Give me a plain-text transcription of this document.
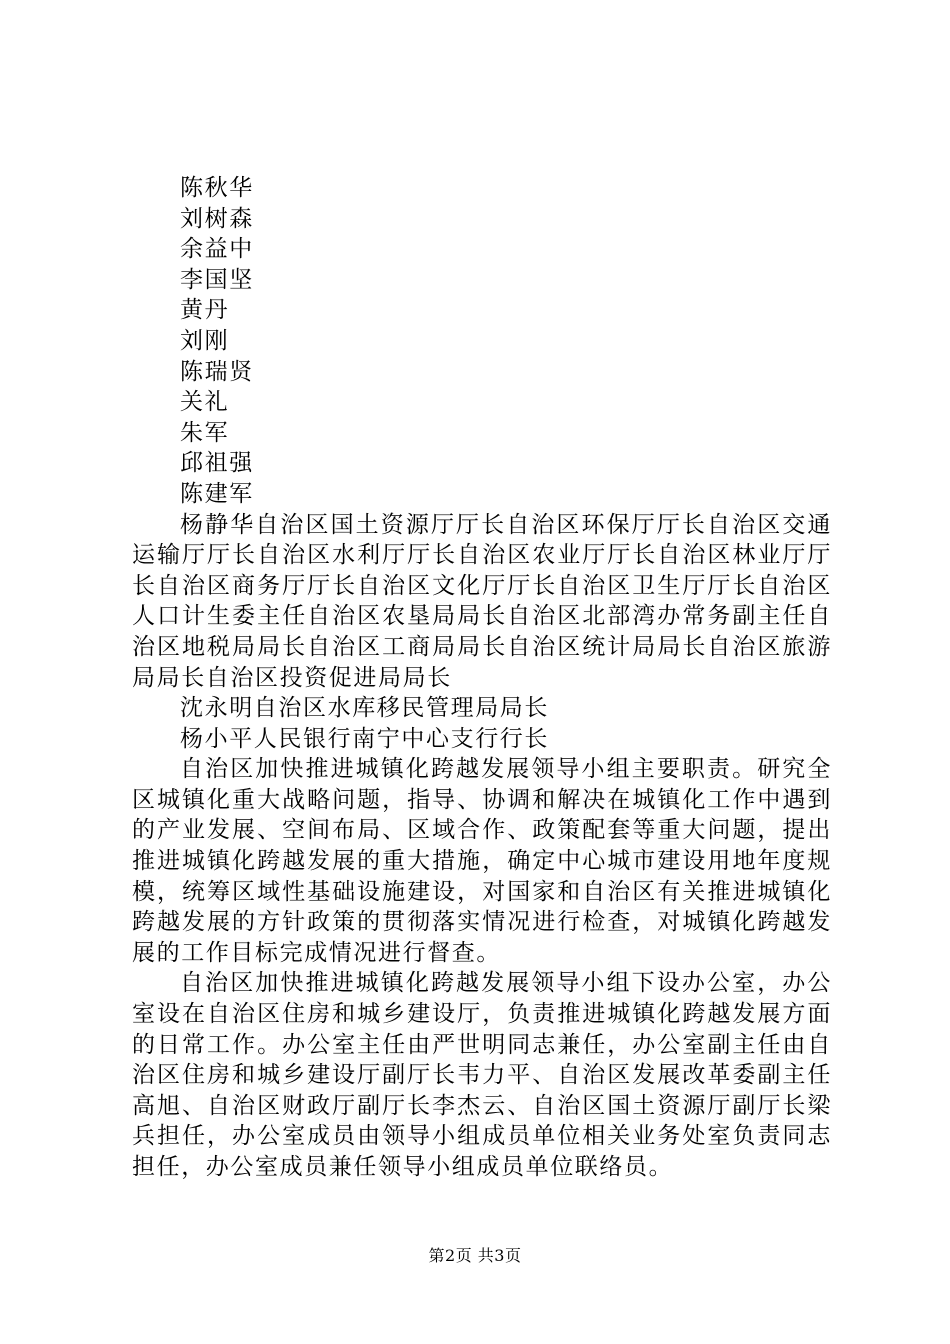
陈秋华

刘树森

余益中

李国坚

黄丹

刘刚

陈瑞贤

关礼

朱军

邱祖强

陈建军

杨静华自治区国土资源厅厅长自治区环保厅厅长自治区交通运输厅厅长自治区水利厅厅长自治区农业厅厅长自治区林业厅厅长自治区商务厅厅长自治区文化厅厅长自治区卫生厅厅长自治区人口计生委主任自治区农垦局局长自治区北部湾办常务副主任自治区地税局局长自治区工商局局长自治区统计局局长自治区旅游局局长自治区投资促进局局长

沈永明自治区水库移民管理局局长

杨小平人民银行南宁中心支行行长

自治区加快推进城镇化跨越发展领导小组主要职责。研究全区城镇化重大战略问题，指导、协调和解决在城镇化工作中遇到的产业发展、空间布局、区域合作、政策配套等重大问题，提出推进城镇化跨越发展的重大措施，确定中心城市建设用地年度规模，统筹区域性基础设施建设，对国家和自治区有关推进城镇化跨越发展的方针政策的贯彻落实情况进行检查，对城镇化跨越发展的工作目标完成情况进行督查。

自治区加快推进城镇化跨越发展领导小组下设办公室，办公室设在自治区住房和城乡建设厅，负责推进城镇化跨越发展方面的日常工作。办公室主任由严世明同志兼任，办公室副主任由自治区住房和城乡建设厅副厅长韦力平、自治区发展改革委副主任高旭、自治区财政厅副厅长李杰云、自治区国土资源厅副厅长梁兵担任，办公室成员由领导小组成员单位相关业务处室负责同志担任，办公室成员兼任领导小组成员单位联络员。

第2页 共3页
